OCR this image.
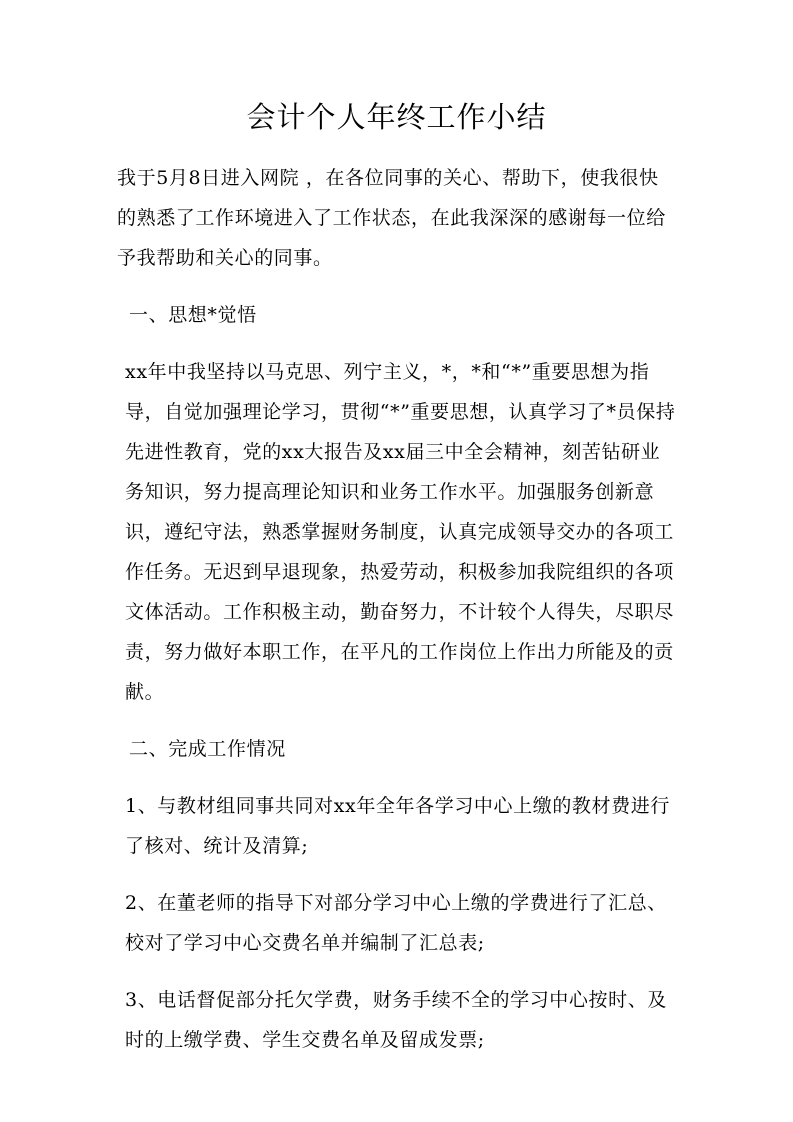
会计个人年终工作小结

我于5月8日进入网院 ，在各位同事的关心、帮助下，使我很快的熟悉了工作环境进入了工作状态，在此我深深的感谢每一位给予我帮助和关心的同事。

一、思想*觉悟

xx年中我坚持以马克思、列宁主义，*，*和“*”重要思想为指导，自觉加强理论学习，贯彻“*”重要思想，认真学习了*员保持先进性教育，党的xx大报告及xx届三中全会精神，刻苦钻研业务知识，努力提高理论知识和业务工作水平。加强服务创新意识，遵纪守法，熟悉掌握财务制度，认真完成领导交办的各项工作任务。无迟到早退现象，热爱劳动，积极参加我院组织的各项文体活动。工作积极主动，勤奋努力，不计较个人得失，尽职尽责，努力做好本职工作，在平凡的工作岗位上作出力所能及的贡献。

二、完成工作情况

1、与教材组同事共同对xx年全年各学习中心上缴的教材费进行了核对、统计及清算;

2、在董老师的指导下对部分学习中心上缴的学费进行了汇总、校对了学习中心交费名单并编制了汇总表;

3、电话督促部分托欠学费，财务手续不全的学习中心按时、及时的上缴学费、学生交费名单及留成发票;
